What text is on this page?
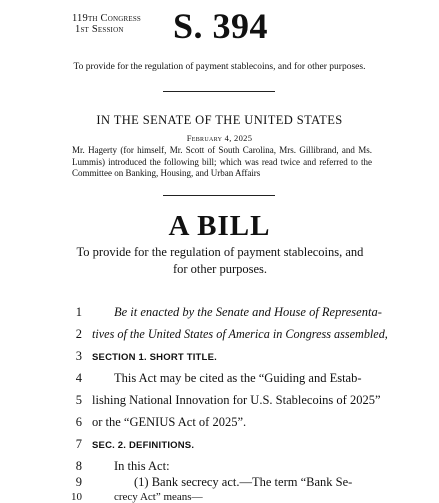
119th Congress
1st Session	S. 394
To provide for the regulation of payment stablecoins, and for other purposes.
IN THE SENATE OF THE UNITED STATES
February 4, 2025
Mr. Hagerty (for himself, Mr. Scott of South Carolina, Mrs. Gillibrand, and Ms. Lummis) introduced the following bill; which was read twice and referred to the Committee on Banking, Housing, and Urban Affairs
A BILL
To provide for the regulation of payment stablecoins, and
for other purposes.
1	Be it enacted by the Senate and House of Representa-
2 tives of the United States of America in Congress assembled,
3 SECTION 1. SHORT TITLE.
4	This Act may be cited as the “Guiding and Estab-
5 lishing National Innovation for U.S. Stablecoins of 2025”
6 or the “GENIUS Act of 2025”.
7 SEC. 2. DEFINITIONS.
8	In this Act:
9	(1) Bank secrecy act.—The term “Bank Se-
10	crecy Act” means—
